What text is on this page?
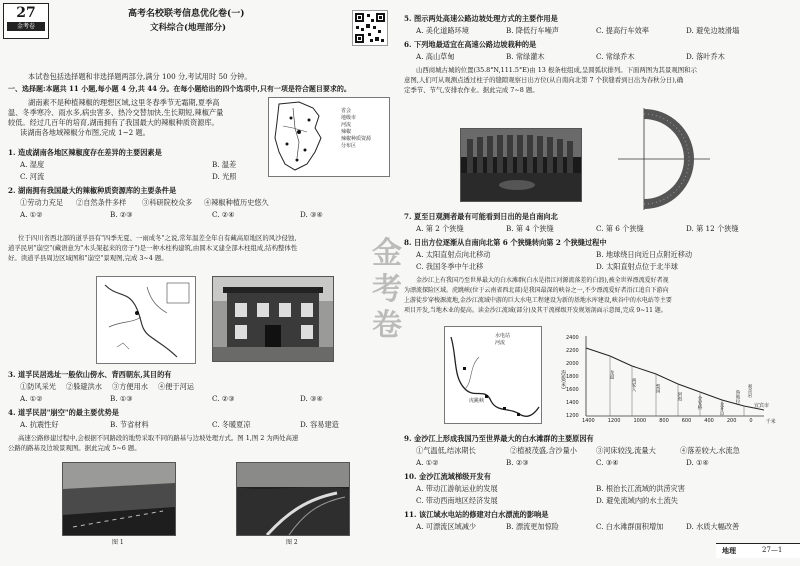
27
金考卷
高考名校联考信息优化卷(一)
文科综合(地理部分)
本试卷包括选择题和非选择题两部分,满分 100 分,考试用时 50 分钟。
一、选择题:本题共 11 小题,每小题 4 分,共 44 分。在每小题给出的四个选项中,只有一项是符合题目要求的。
湖南素不是种植辣椒的理想区域,这里冬春季节无霜期,夏季高
温、冬季寒冷、雨水多,病虫害多、热冷交替加快,生长期短,辣椒产量
较低。经过几百年的培育,湖南拥有了我国最大的辣椒种质资源库。
读湖南各地域辣椒分布图,完成 1~2 题。
省会
地级市
河流
辣椒
辣椒种质资源
分布区
1. 造成湖南各地区辣椒度存在差异的主要因素是
A. 湿度	B. 温差
C. 河流	D. 光照
2. 湖南拥有我国最大的辣椒种质资源库的主要条件是
①劳动力充足 ②自然条件多样 ③科研院校众多 ④辣椒种植历史悠久
A. ①②	B. ②③	C. ②④	D. ③④
位于四川省西北部的道孚县有"四季无夏、一雨成冬"之说,常年温差全年自有藏高原地区的风沙侵蚀,
道孚民居"崩空"(藏语意为"木头架起来的房子")是一种木柱构建筑,由圆木叉建全部木柱组成,结构整体性
好。读道孚县周边区域图和"崩空"景观图,完成 3~4 题。
3. 道孚民居选址一般依山傍水、背西朝东,其目的有
①防风采光 ②躲避洪水 ③方便用水 ④便于河运
A. ①②	B. ①③	C. ②③	D. ③④
4. 道孚民居"崩空"的最主要优势是
A. 抗震性好	B. 节省材料	C. 冬暖夏凉	D. 容易建造
高速公路修建过程中,会根据不同路段的地势采取不同的路基与边坡处理方式。图 1,图 2 为两处高速
公路的路基及边坡景观图。据此完成 5~6 题。
图 1	图 2
5. 图示两处高速公路边坡处理方式的主要作用是
A. 美化道路环境	B. 降低行车噪声	C. 提高行车效率	D. 避免边坡滑塌
6. 下列地最适宜在高速公路边坡栽种的是
A. 高山草甸	B. 常绿灌木	C. 常绿乔木	D. 落叶乔木
山西商城古城的位置(35.8°N,111.5°E)由 13 根条柱组成,呈圆弧状排列。下面两图为其景观图和示
意图,人们可从观测点透过柱子的缝隙观察日出方位(从自南向北第 7 个狭缝看到日出为春秋分日),确
定季节、节气,安排农作业。据此完成 7~8 题。
7. 夏至日观测者最有可能看到日出的是自南向北
A. 第 2 个狭缝	B. 第 4 个狭缝	C. 第 6 个狭缝	D. 第 12 个狭缝
8. 日出方位逐渐从自南向北第 6 个狭缝转向第 2 个狭缝过程中
A. 太阳直射点向北移动	B. 地球绕日向近日点附近移动
C. 我国冬季中午北移	D. 太阳直射点位于北半球
金沙江上有我国乃至世界最大的白水滩群(白水是指江河源流落差的白浪),被全世界漂流爱好者视
为漂流探险区域。虎跳峡(位于云南省西北部)是我国最深的峡谷之一,不少漂流爱好者沿江追自下游向
上游徒步穿梭源流地,金沙江流域中游的巨大水电工程建设为新的基地水库建设,峡谷中的水电站等主要
项目开发,当地木业的提高。读金沙江流域(部分)及其干流梯级开发规划剖面示意图,完成 9~11 题。
水电站
河流
虎跳峡
海拔(米)
2400
2200
2000
1800
1600
1400
1200
1400	1200	1000	800	600	400	200	0	千米
龙盘
两家人	梨园
阿海	金安桥	龙开口
鲁地拉 观音岩
宜宾市
9. 金沙江上形成我国乃至世界最大的白水滩群的主要原因有
①气温低,结冰期长	②植被茂盛,含沙量小	③河床较浅,流量大	④落差较大,水流急
A. ①②	B. ②③	C. ③④	D. ①④
10. 金沙江流域梯级开发有
A. 带动江游航运业的发展	B. 根治长江流域的洪涝灾害
C. 带动西南地区经济发展	D. 避免流域内的水土流失
11. 该江域水电站的修建对白水漂流的影响是
A. 可漂流区域减少	B. 漂流更加惊险	C. 白水滩群面积增加	D. 水质大幅改善
金考卷
地理	27—1
